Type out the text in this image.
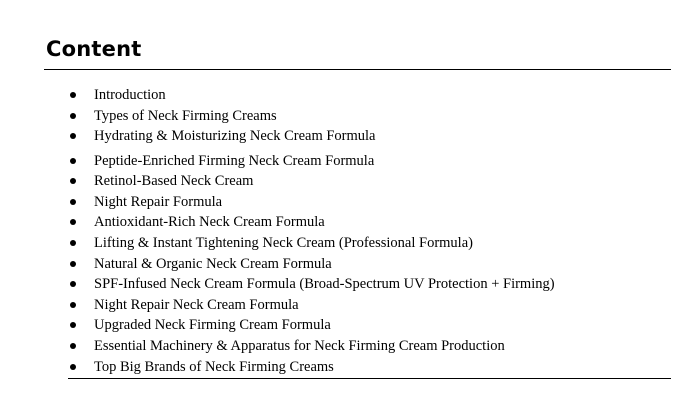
Content
Introduction
Types of Neck Firming Creams
Hydrating & Moisturizing Neck Cream Formula
Peptide-Enriched Firming Neck Cream Formula
Retinol-Based Neck Cream
Night Repair Formula
Antioxidant-Rich Neck Cream Formula
Lifting & Instant Tightening Neck Cream (Professional Formula)
Natural & Organic Neck Cream Formula
SPF-Infused Neck Cream Formula (Broad-Spectrum UV Protection + Firming)
Night Repair Neck Cream Formula
Upgraded Neck Firming Cream Formula
Essential Machinery & Apparatus for Neck Firming Cream Production
Top Big Brands of Neck Firming Creams
